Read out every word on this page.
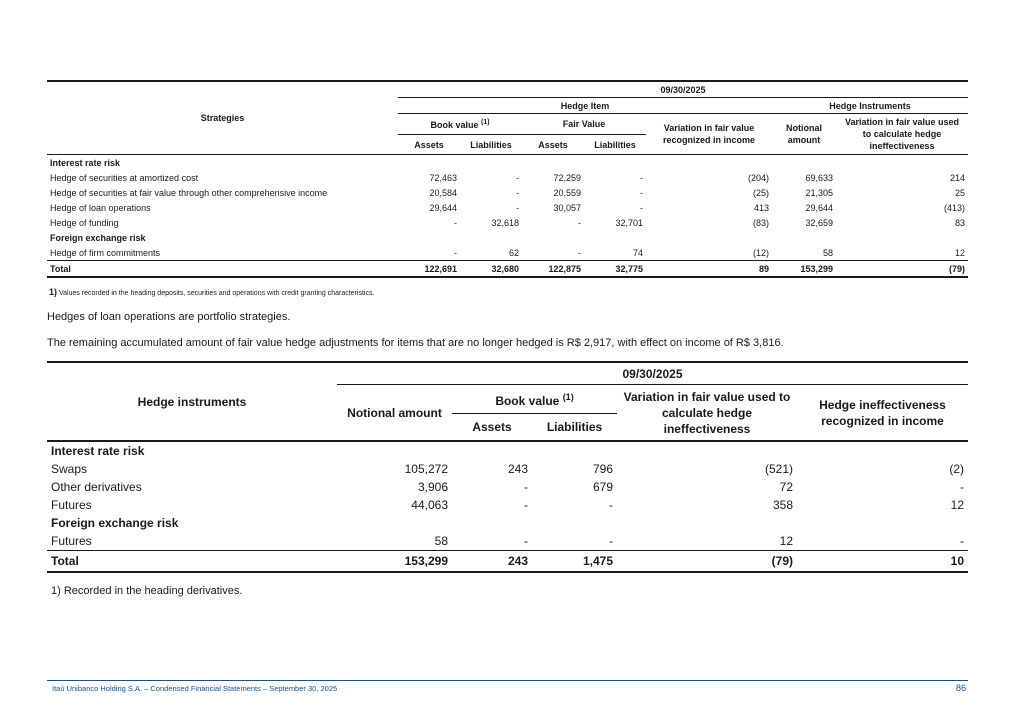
Strategies	09/30/2025						
	Hedge Item					Hedge Instruments	
	Book value $^{(1)}$		Fair Value		Variation in fair value recognized in income	Notional amount	Variation in fair value used to calculate hedge ineffectiveness
	Assets	Liabilities	Assets	Liabilities			
Interest rate risk							
Hedge of securities at amortized cost	72,463	-	72,259	-	(204)	69,633	214
Hedge of securities at fair value through other comprehensive income	20,584	-	20,559	-	(25)	21,305	25
Hedge of loan operations	29,644	-	30,057	-	413	29,644	(413)
Hedge of funding	-	32,618	-	32,701	(83)	32,659	83
Foreign exchange risk							
Hedge of firm commitments	-	62	-	74	(12)	58	12
Total	122,691	32,680	122,875	32,775	89	153,299	(79)
1) Values recorded in the heading deposits, securities and operations with credit granting characteristics.
Hedges of loan operations are portfolio strategies.
The remaining accumulated amount of fair value hedge adjustments for items that are no longer hedged is R$ 2,917, with effect on income of R$ 3,816.
Hedge instruments	09/30/2025				
	Notional amount	Book value $^{(1)}$		Variation in fair value used to calculate hedge ineffectiveness	Hedge ineffectiveness recognized in income
		Assets	Liabilities		
Interest rate risk					
Swaps	105,272	243	796	(521)	(2)
Other derivatives	3,906	-	679	72	-
Futures	44,063	-	-	358	12
Foreign exchange risk					
Futures	58	-	-	12	-
Total	153,299	243	1,475	(79)	10
1) Recorded in the heading derivatives.
Itaú Unibanco Holding S.A. – Condensed Financial Statements – September 30, 2025	86
